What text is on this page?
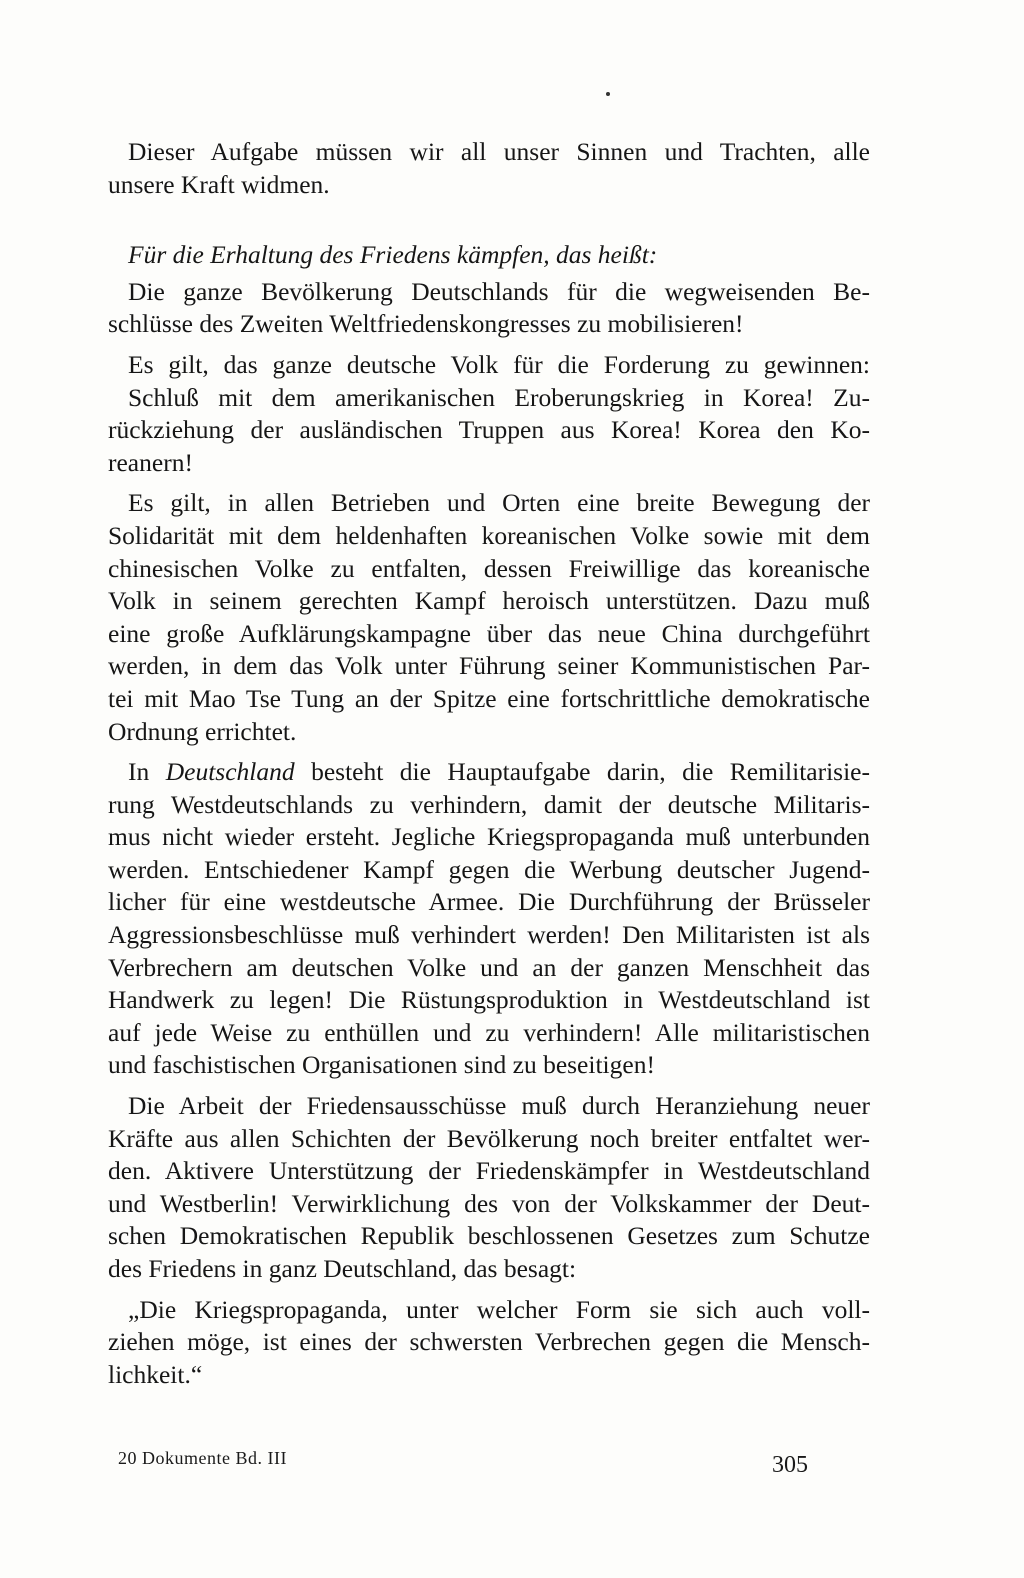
Dieser Aufgabe müssen wir all unser Sinnen und Trachten, alle
unsere Kraft widmen.

Für die Erhaltung des Friedens kämpfen, das heißt:

Die ganze Bevölkerung Deutschlands für die wegweisenden Be-
schlüsse des Zweiten Weltfriedenskongresses zu mobilisieren!

Es gilt, das ganze deutsche Volk für die Forderung zu gewinnen:

Schluß mit dem amerikanischen Eroberungskrieg in Korea! Zu-
rückziehung der ausländischen Truppen aus Korea! Korea den Ko-
reanern!

Es gilt, in allen Betrieben und Orten eine breite Bewegung der
Solidarität mit dem heldenhaften koreanischen Volke sowie mit dem
chinesischen Volke zu entfalten, dessen Freiwillige das koreanische
Volk in seinem gerechten Kampf heroisch unterstützen. Dazu muß
eine große Aufklärungskampagne über das neue China durchgeführt
werden, in dem das Volk unter Führung seiner Kommunistischen Par-
tei mit Mao Tse Tung an der Spitze eine fortschrittliche demokratische
Ordnung errichtet.

In Deutschland besteht die Hauptaufgabe darin, die Remilitarisie-
rung Westdeutschlands zu verhindern, damit der deutsche Militaris-
mus nicht wieder ersteht. Jegliche Kriegspropaganda muß unterbunden
werden. Entschiedener Kampf gegen die Werbung deutscher Jugend-
licher für eine westdeutsche Armee. Die Durchführung der Brüsseler
Aggressionsbeschlüsse muß verhindert werden! Den Militaristen ist als
Verbrechern am deutschen Volke und an der ganzen Menschheit das
Handwerk zu legen! Die Rüstungsproduktion in Westdeutschland ist
auf jede Weise zu enthüllen und zu verhindern! Alle militaristischen
und faschistischen Organisationen sind zu beseitigen!

Die Arbeit der Friedensausschüsse muß durch Heranziehung neuer
Kräfte aus allen Schichten der Bevölkerung noch breiter entfaltet wer-
den. Aktivere Unterstützung der Friedenskämpfer in Westdeutschland
und Westberlin! Verwirklichung des von der Volkskammer der Deut-
schen Demokratischen Republik beschlossenen Gesetzes zum Schutze
des Friedens in ganz Deutschland, das besagt:

„Die Kriegspropaganda, unter welcher Form sie sich auch voll-
ziehen möge, ist eines der schwersten Verbrechen gegen die Mensch-
lichkeit.“

20 Dokumente Bd. III	305
